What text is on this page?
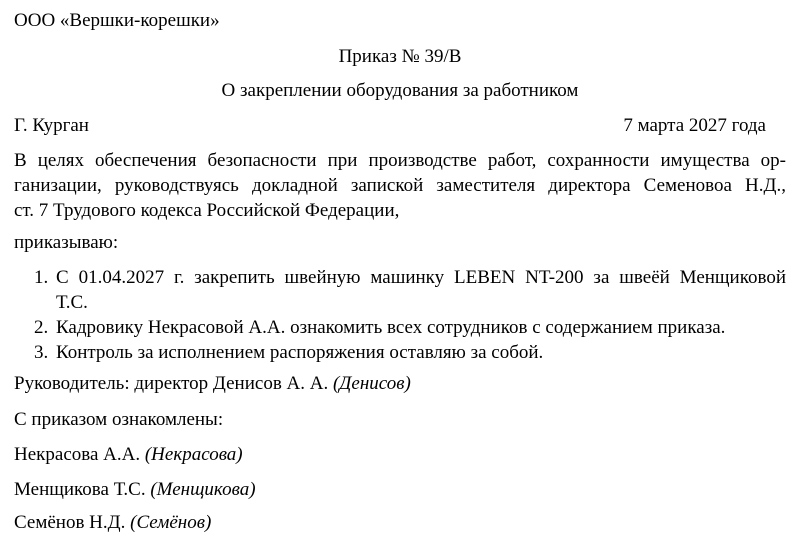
ООО «Вершки-корешки»
Приказ № 39/В
О закреплении оборудования за работником
Г. Курган	7 марта 2027 года
В целях обеспечения безопасности при производстве работ, сохранности имущества ор-
ганизации, руководствуясь докладной запиской заместителя директора Семеновоа Н.Д.,
ст. 7 Трудового кодекса Российской Федерации,
приказываю:
1. С 01.04.2027 г. закрепить швейную машинку LEBEN NT-200 за швеёй Менщиковой
Т.С.
2. Кадровику Некрасовой А.А. ознакомить всех сотрудников с содержанием приказа.
3. Контроль за исполнением распоряжения оставляю за собой.
Руководитель: директор Денисов А. А. (Денисов)
С приказом ознакомлены:
Некрасова А.А. (Некрасова)
Менщикова Т.С. (Менщикова)
Семёнов Н.Д. (Семёнов)
